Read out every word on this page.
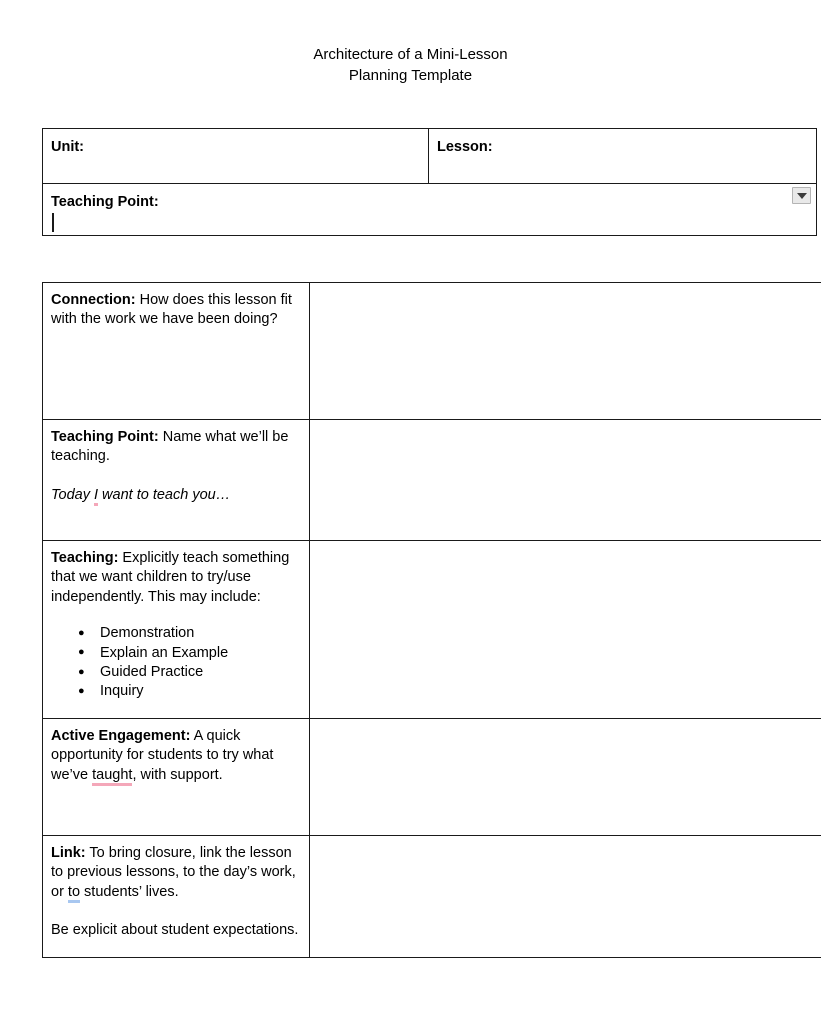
Architecture of a Mini-Lesson
Planning Template
Unit:	Lesson:
Teaching Point:
Connection: How does this lesson fit with the work we have been doing?	
Teaching Point: Name what we’ll be teaching.
Today I want to teach you…	

Teaching: Explicitly teach something that we want children to try/use independently. This may include:
● Demonstration
● Explain an Example
● Guided Practice
● Inquiry

Active Engagement: A quick opportunity for students to try what we’ve taught, with support.	
Link: To bring closure, link the lesson to previous lessons, to the day’s work, or to students’ lives.
Be explicit about student expectations.	
